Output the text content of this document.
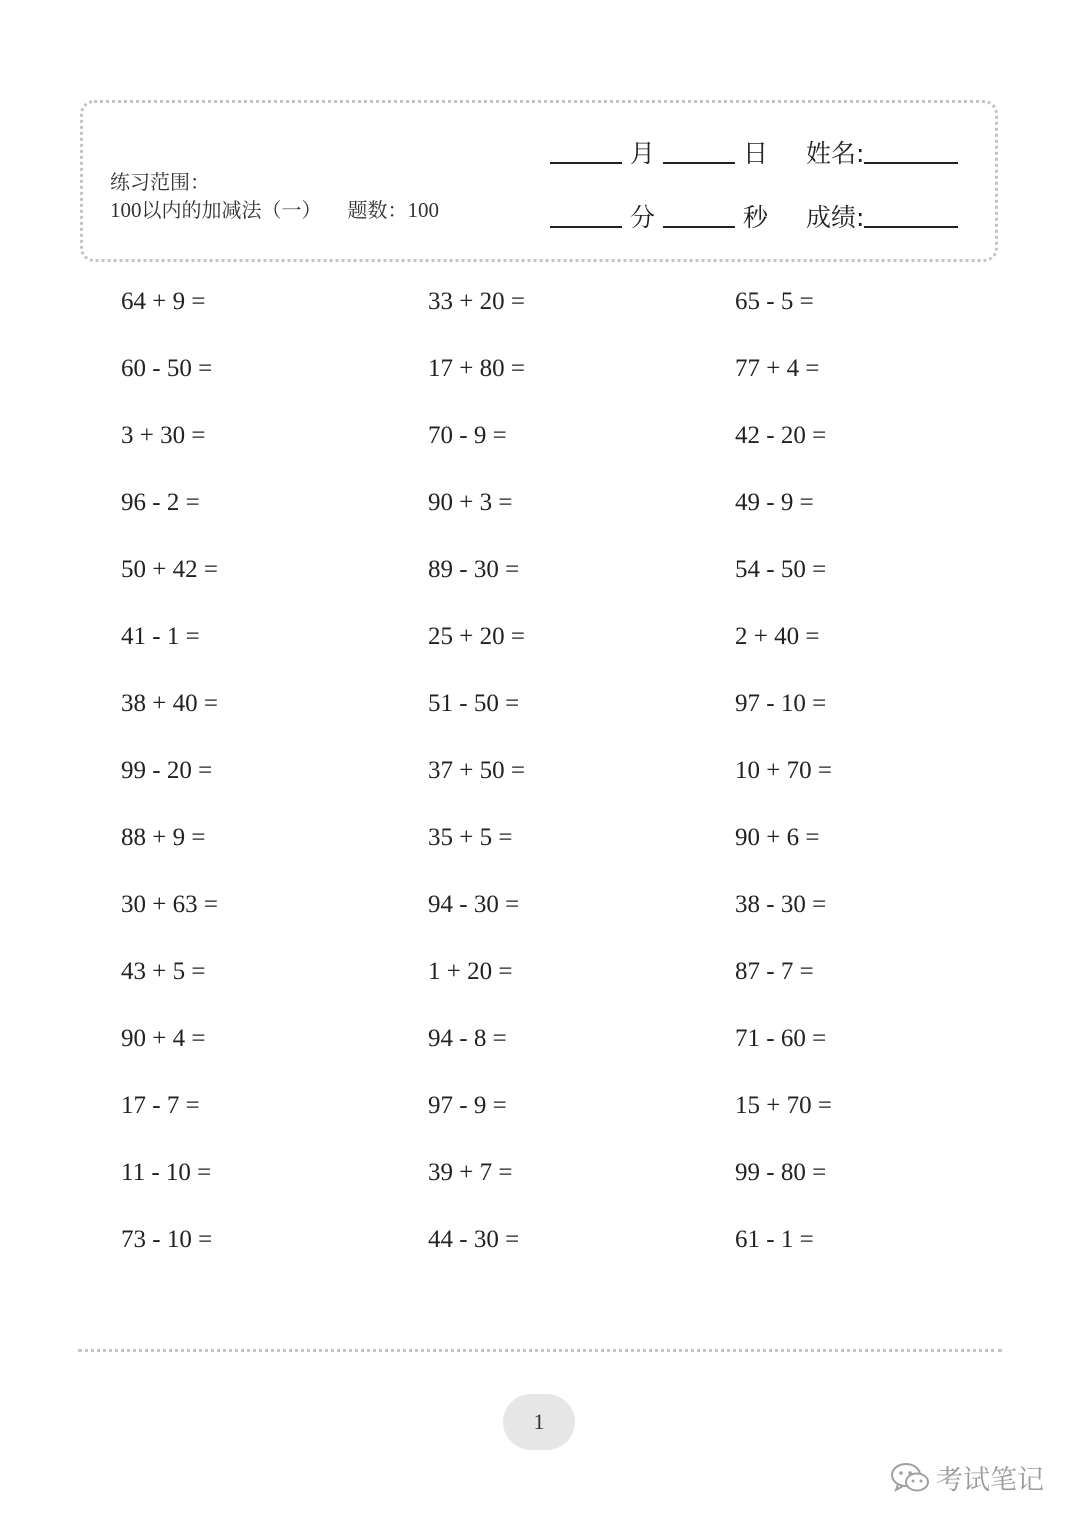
练习范围：
100以内的加减法（一） 题数：100
月	日 姓名:
分	秒 成绩:
64 + 9 =	33 + 20 =	65 - 5 =
60 - 50 =	17 + 80 =	77 + 4 =
3 + 30 =	70 - 9 =	42 - 20 =
96 - 2 =	90 + 3 =	49 - 9 =
50 + 42 =	89 - 30 =	54 - 50 =
41 - 1 =	25 + 20 =	2 + 40 =
38 + 40 =	51 - 50 =	97 - 10 =
99 - 20 =	37 + 50 =	10 + 70 =
88 + 9 =	35 + 5 =	90 + 6 =
30 + 63 =	94 - 30 =	38 - 30 =
43 + 5 =	1 + 20 =	87 - 7 =
90 + 4 =	94 - 8 =	71 - 60 =
17 - 7 =	97 - 9 =	15 + 70 =
11 - 10 =	39 + 7 =	99 - 80 =
73 - 10 =	44 - 30 =	61 - 1 =
1
考试笔记
